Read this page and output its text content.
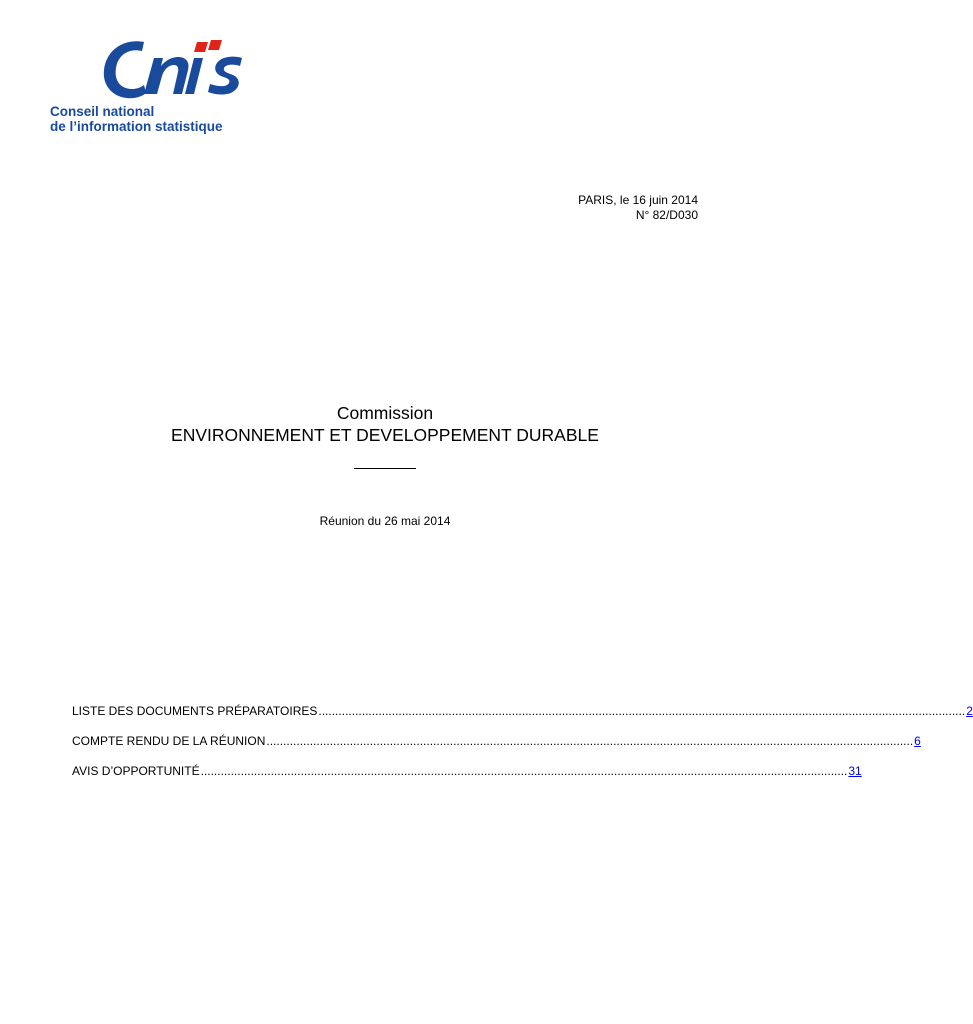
Conseil national
de l’information statistique
PARIS, le 16 juin 2014
N° 82/D030
Commission
ENVIRONNEMENT ET DEVELOPPEMENT DURABLE
Réunion du 26 mai 2014
LISTE DES DOCUMENTS PRÉPARATOIRES .................................................................................................................................................................................................. 2
COMPTE RENDU DE LA RÉUNION .................................................................................................................................................................................................. 6
AVIS D’OPPORTUNITÉ .................................................................................................................................................................................................. 31
